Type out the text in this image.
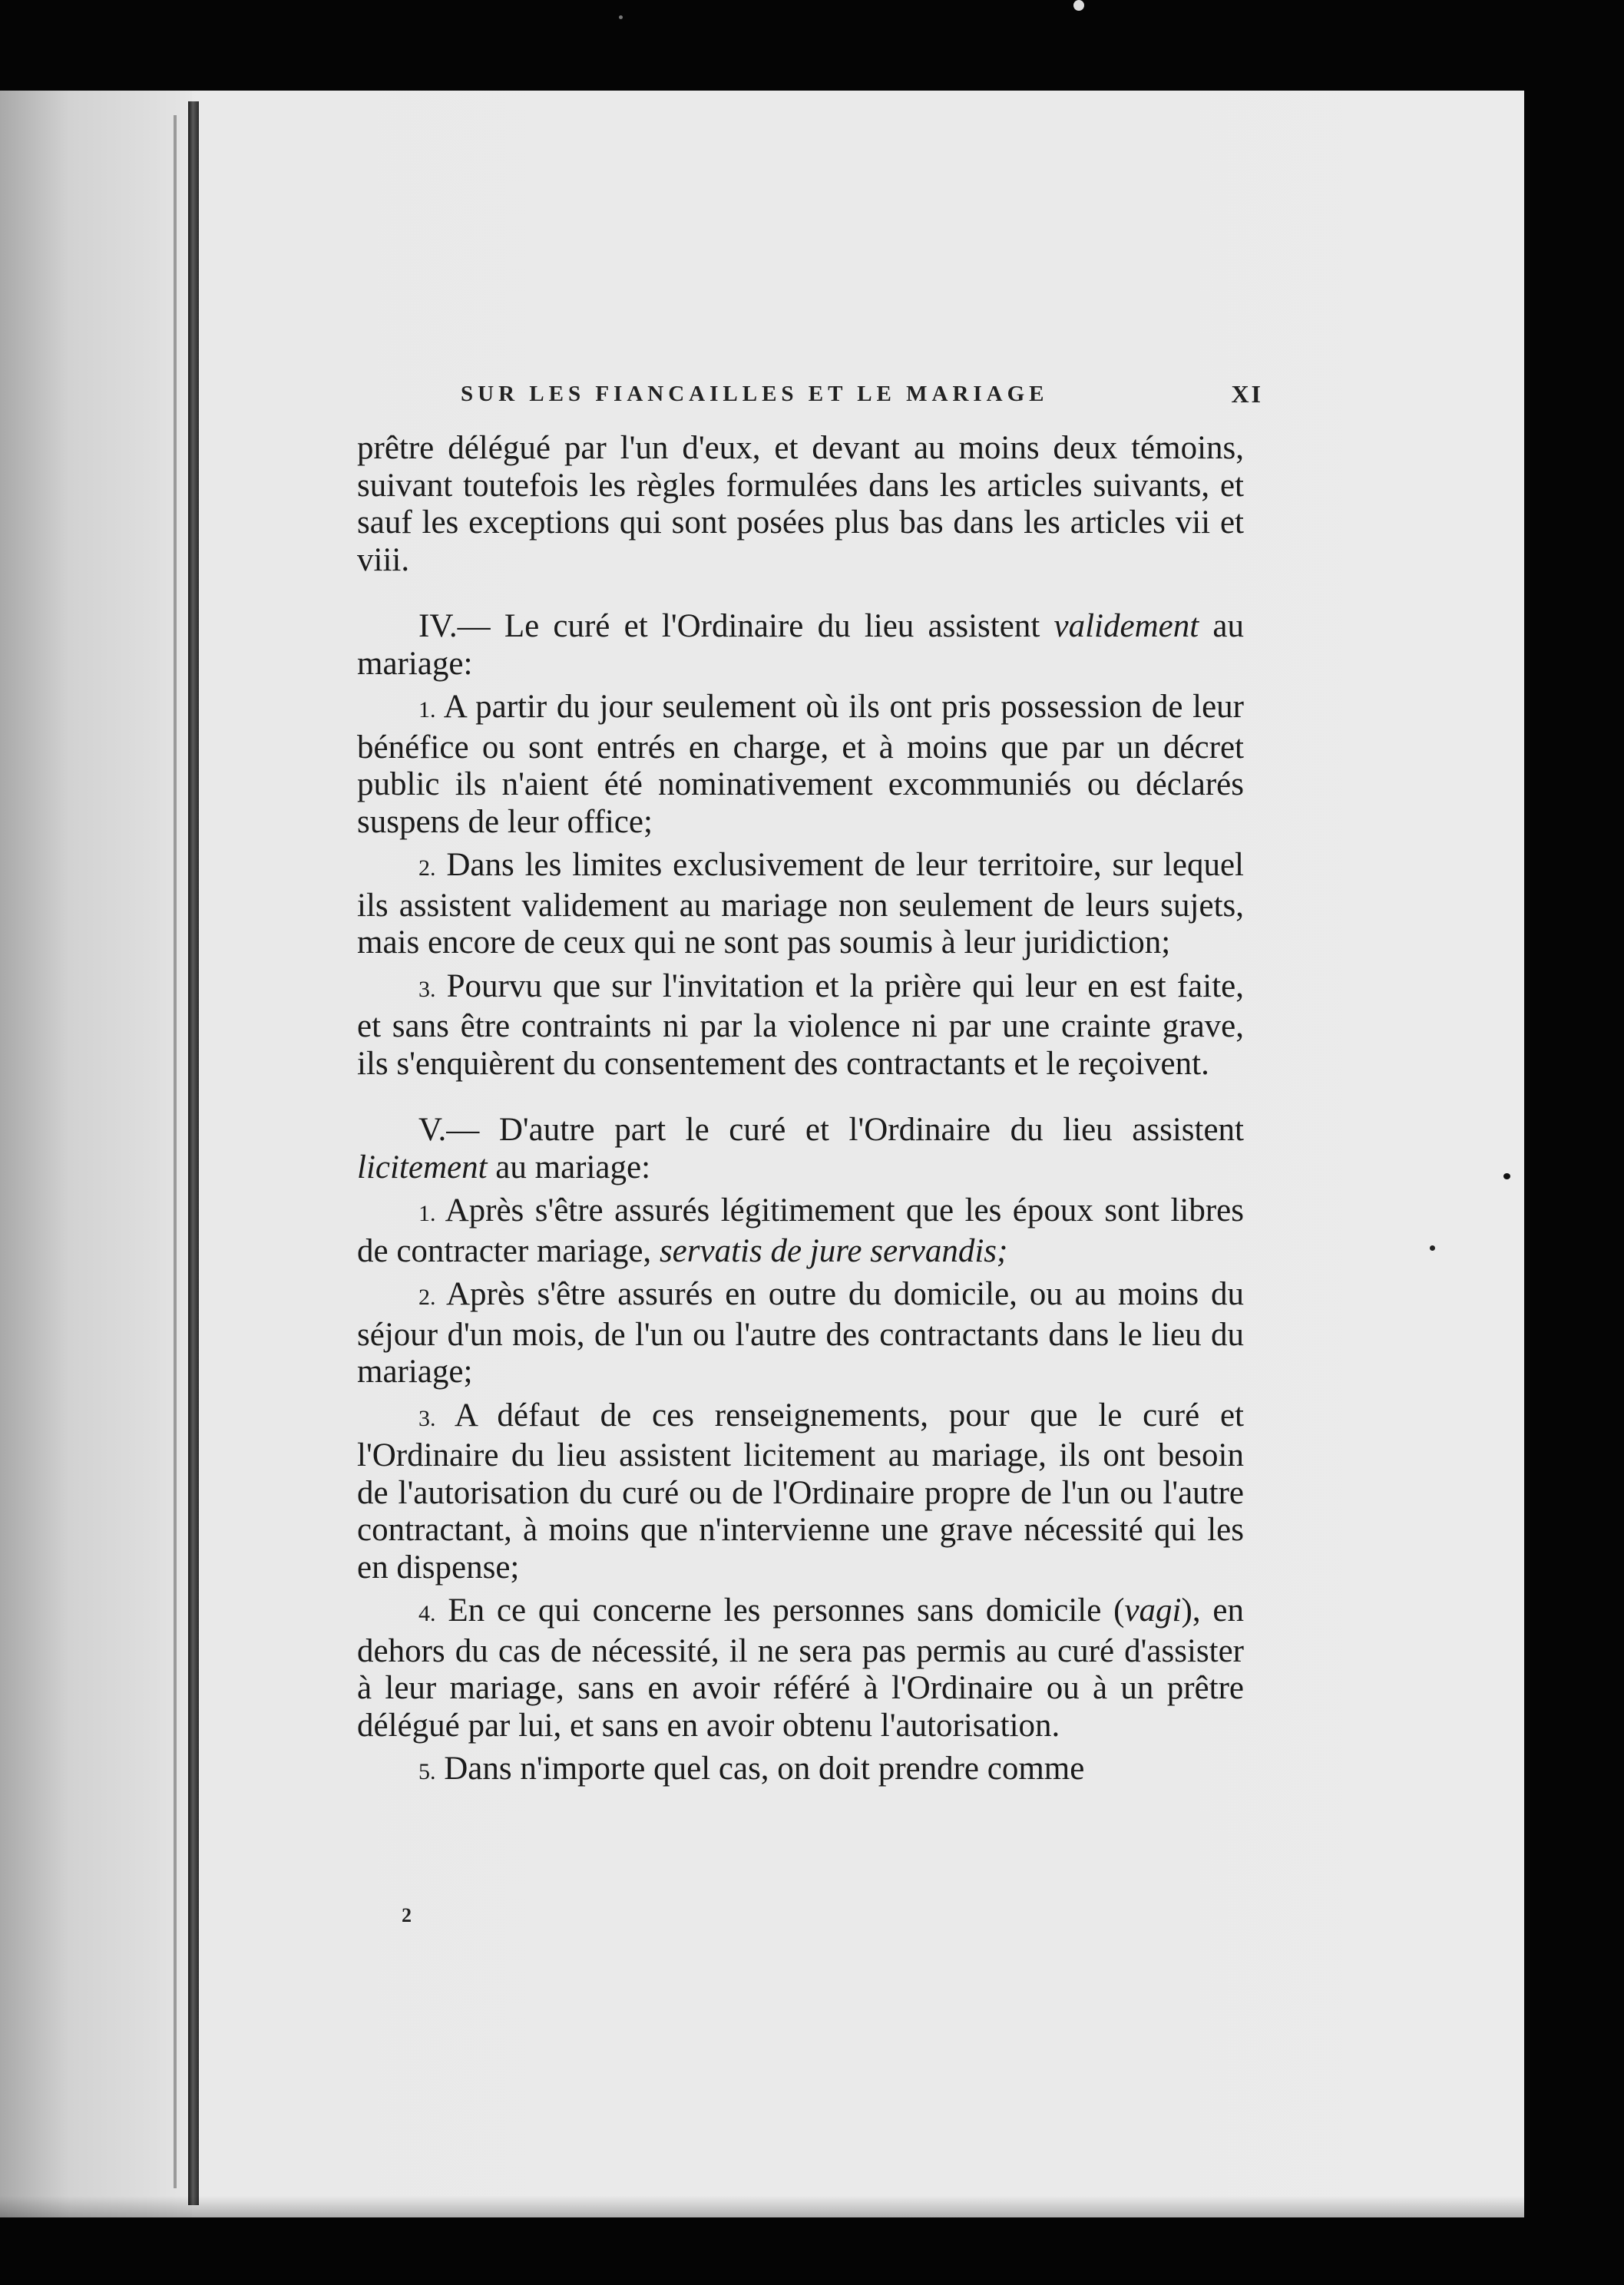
SUR LES FIANCAILLES ET LE MARIAGE	XI

prêtre délégué par l'un d'eux, et devant au moins deux témoins, suivant toutefois les règles formulées dans les articles suivants, et sauf les exceptions qui sont posées plus bas dans les articles vii et viii.

IV.— Le curé et l'Ordinaire du lieu assistent validement au mariage:

1. A partir du jour seulement où ils ont pris possession de leur bénéfice ou sont entrés en charge, et à moins que par un décret public ils n'aient été nominativement excommuniés ou déclarés suspens de leur office;

2. Dans les limites exclusivement de leur territoire, sur lequel ils assistent validement au mariage non seulement de leurs sujets, mais encore de ceux qui ne sont pas soumis à leur juridiction;

3. Pourvu que sur l'invitation et la prière qui leur en est faite, et sans être contraints ni par la violence ni par une crainte grave, ils s'enquièrent du consentement des contractants et le reçoivent.

V.— D'autre part le curé et l'Ordinaire du lieu assistent licitement au mariage:

1. Après s'être assurés légitimement que les époux sont libres de contracter mariage, servatis de jure servandis;

2. Après s'être assurés en outre du domicile, ou au moins du séjour d'un mois, de l'un ou l'autre des contractants dans le lieu du mariage;

3. A défaut de ces renseignements, pour que le curé et l'Ordinaire du lieu assistent licitement au mariage, ils ont besoin de l'autorisation du curé ou de l'Ordinaire propre de l'un ou l'autre contractant, à moins que n'intervienne une grave nécessité qui les en dispense;

4. En ce qui concerne les personnes sans domicile (vagi), en dehors du cas de nécessité, il ne sera pas permis au curé d'assister à leur mariage, sans en avoir référé à l'Ordinaire ou à un prêtre délégué par lui, et sans en avoir obtenu l'autorisation.

5. Dans n'importe quel cas, on doit prendre comme

2
